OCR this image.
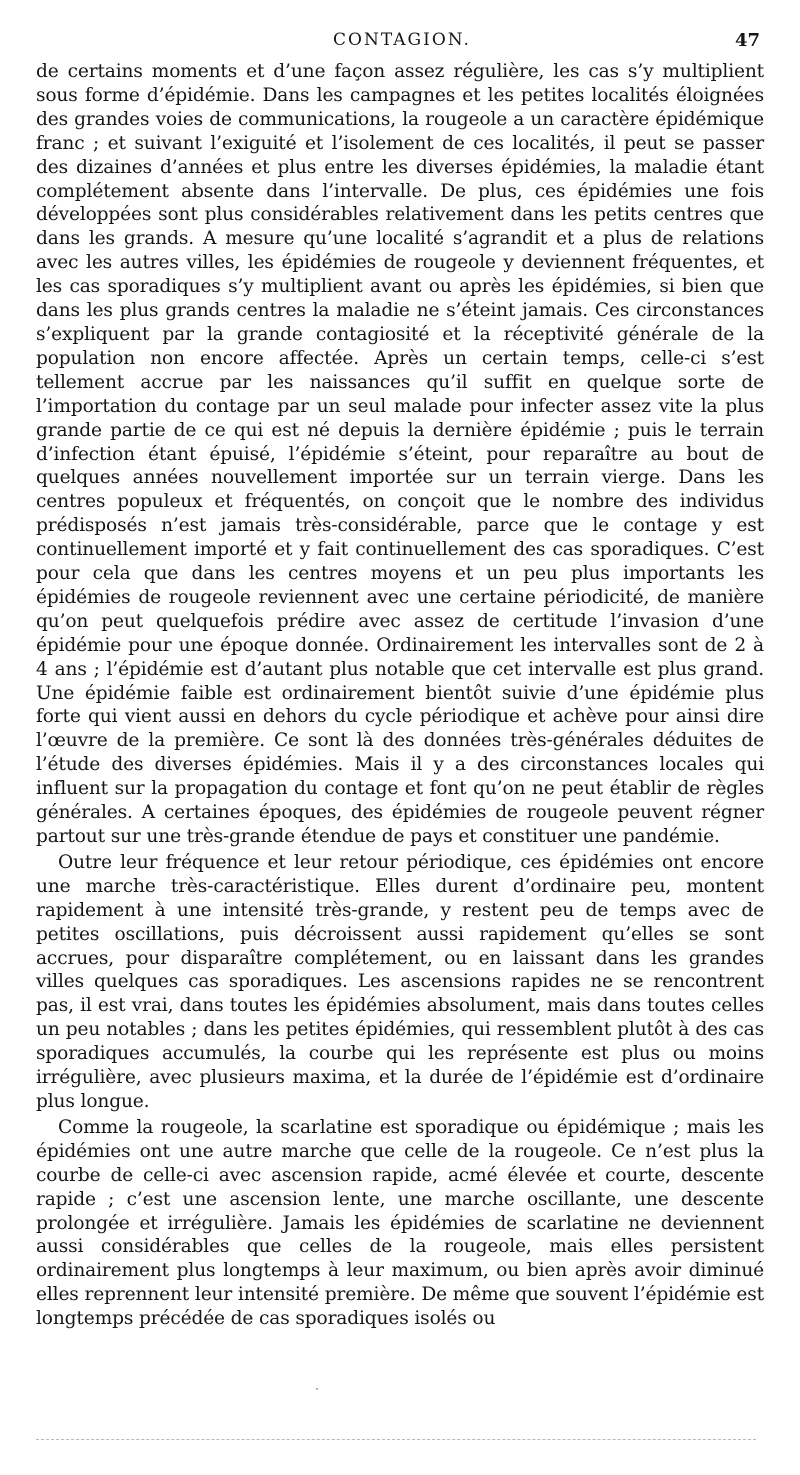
CONTAGION.	47

de certains moments et d’une façon assez régulière, les cas s’y multiplient sous forme d’épidémie. Dans les campagnes et les petites localités éloignées des grandes voies de communications, la rougeole a un caractère épidémique franc ; et suivant l’exiguité et l’isolement de ces localités, il peut se passer des dizaines d’années et plus entre les diverses épidémies, la maladie étant complétement absente dans l’intervalle. De plus, ces épidémies une fois développées sont plus considérables relativement dans les petits centres que dans les grands. A mesure qu’une localité s’agrandit et a plus de relations avec les autres villes, les épidémies de rougeole y deviennent fréquentes, et les cas sporadiques s’y multiplient avant ou après les épidémies, si bien que dans les plus grands centres la maladie ne s’éteint jamais. Ces circonstances s’expliquent par la grande contagiosité et la réceptivité générale de la population non encore affectée. Après un certain temps, celle-ci s’est tellement accrue par les naissances qu’il suffit en quelque sorte de l’importation du contage par un seul malade pour infecter assez vite la plus grande partie de ce qui est né depuis la dernière épidémie ; puis le terrain d’infection étant épuisé, l’épidémie s’éteint, pour reparaître au bout de quelques années nouvellement importée sur un terrain vierge. Dans les centres populeux et fréquentés, on conçoit que le nombre des individus prédisposés n’est jamais très-considérable, parce que le contage y est continuellement importé et y fait continuellement des cas sporadiques. C’est pour cela que dans les centres moyens et un peu plus importants les épidémies de rougeole reviennent avec une certaine périodicité, de manière qu’on peut quelquefois prédire avec assez de certitude l’invasion d’une épidémie pour une époque donnée. Ordinairement les intervalles sont de 2 à 4 ans ; l’épidémie est d’autant plus notable que cet intervalle est plus grand. Une épidémie faible est ordinairement bientôt suivie d’une épidémie plus forte qui vient aussi en dehors du cycle périodique et achève pour ainsi dire l’œuvre de la première. Ce sont là des données très-générales déduites de l’étude des diverses épidémies. Mais il y a des circonstances locales qui influent sur la propagation du contage et font qu’on ne peut établir de règles générales. A certaines époques, des épidémies de rougeole peuvent régner partout sur une très-grande étendue de pays et constituer une pandémie.

Outre leur fréquence et leur retour périodique, ces épidémies ont encore une marche très-caractéristique. Elles durent d’ordinaire peu, montent rapidement à une intensité très-grande, y restent peu de temps avec de petites oscillations, puis décroissent aussi rapidement qu’elles se sont accrues, pour disparaître complétement, ou en laissant dans les grandes villes quelques cas sporadiques. Les ascensions rapides ne se rencontrent pas, il est vrai, dans toutes les épidémies absolument, mais dans toutes celles un peu notables ; dans les petites épidémies, qui ressemblent plutôt à des cas sporadiques accumulés, la courbe qui les représente est plus ou moins irrégulière, avec plusieurs maxima, et la durée de l’épidémie est d’ordinaire plus longue.

Comme la rougeole, la scarlatine est sporadique ou épidémique ; mais les épidémies ont une autre marche que celle de la rougeole. Ce n’est plus la courbe de celle-ci avec ascension rapide, acmé élevée et courte, descente rapide ; c’est une ascension lente, une marche oscillante, une descente prolongée et irrégulière. Jamais les épidémies de scarlatine ne deviennent aussi considérables que celles de la rougeole, mais elles persistent ordinairement plus longtemps à leur maximum, ou bien après avoir diminué elles reprennent leur intensité première. De même que souvent l’épidémie est longtemps précédée de cas sporadiques isolés ou
